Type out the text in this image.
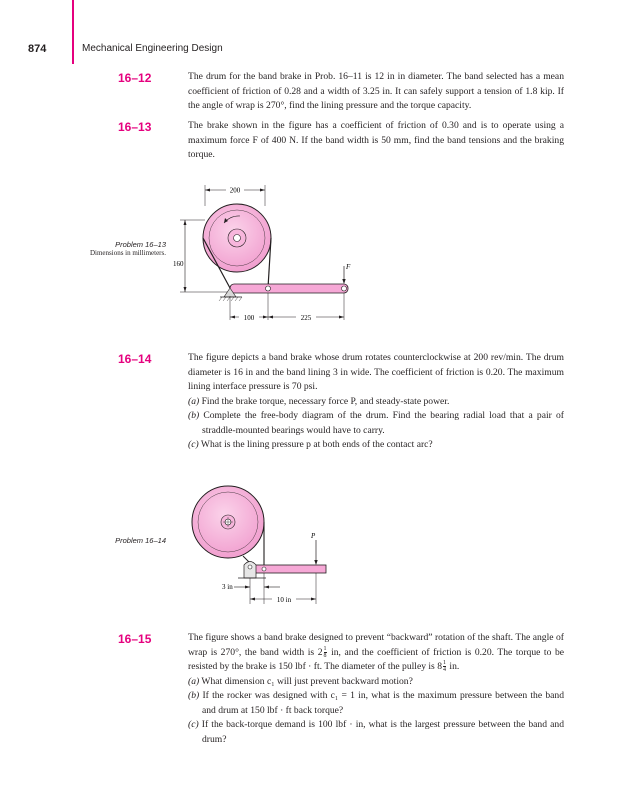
874	Mechanical Engineering Design
16–12	The drum for the band brake in Prob. 16–11 is 12 in in diameter. The band selected has a mean coefficient of friction of 0.28 and a width of 3.25 in. It can safely support a tension of 1.8 kip. If the angle of wrap is 270°, find the lining pressure and the torque capacity.

16–13	The brake shown in the figure has a coefficient of friction of 0.30 and is to operate using a maximum force F of 400 N. If the band width is 50 mm, find the band tensions and the braking torque.

Problem 16–13
Dimensions in millimeters.
200
160	F
100	225
16–14	The figure depicts a band brake whose drum rotates counterclockwise at 200 rev/min. The drum diameter is 16 in and the band lining 3 in wide. The coefficient of friction is 0.20. The maximum lining interface pressure is 70 psi.

(a) Find the brake torque, necessary force P, and steady-state power.

(b) Complete the free-body diagram of the drum. Find the bearing radial load that a pair of straddle-mounted bearings would have to carry.

(c) What is the lining pressure p at both ends of the contact arc?

Problem 16–14	P
3 in
10 in
16–15	The figure shows a band brake designed to prevent “backward” rotation of the shaft. The angle of wrap is 270°, the band width is $2 \frac{1}{8}$ in, and the coefficient of friction is 0.20. The torque to be resisted by the brake is 150 lbf · ft. The diameter of the pulley is $8 \frac{1}{4}$ in.

(a) What dimension c₁ will just prevent backward motion?

(b) If the rocker was designed with c₁ = 1 in, what is the maximum pressure between the band and drum at 150 lbf · ft back torque?

(c) If the back-torque demand is 100 lbf · in, what is the largest pressure between the band and drum?
